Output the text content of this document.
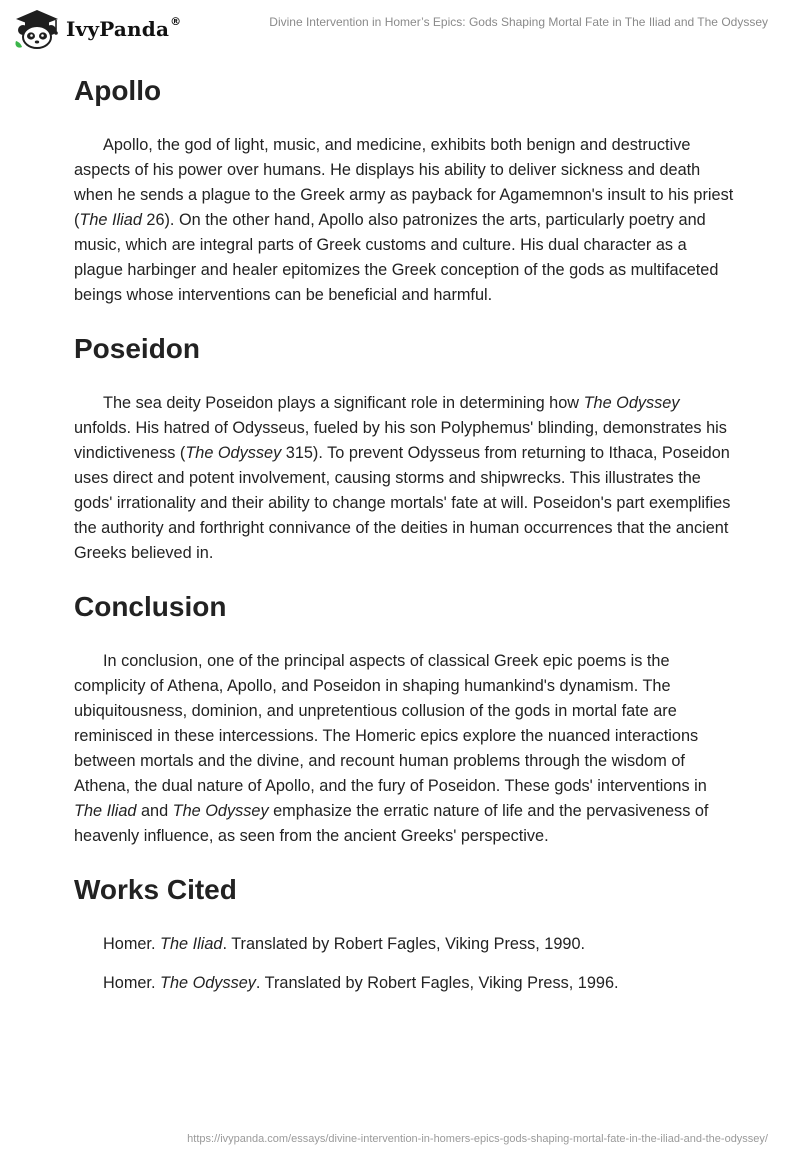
IvyPanda®	Divine Intervention in Homer’s Epics: Gods Shaping Mortal Fate in The Iliad and The Odyssey
Apollo

Apollo, the god of light, music, and medicine, exhibits both benign and destructive aspects of his power over humans. He displays his ability to deliver sickness and death when he sends a plague to the Greek army as payback for Agamemnon's insult to his priest (The Iliad 26). On the other hand, Apollo also patronizes the arts, particularly poetry and music, which are integral parts of Greek customs and culture. His dual character as a plague harbinger and healer epitomizes the Greek conception of the gods as multifaceted beings whose interventions can be beneficial and harmful.

Poseidon

The sea deity Poseidon plays a significant role in determining how The Odyssey unfolds. His hatred of Odysseus, fueled by his son Polyphemus' blinding, demonstrates his vindictiveness (The Odyssey 315). To prevent Odysseus from returning to Ithaca, Poseidon uses direct and potent involvement, causing storms and shipwrecks. This illustrates the gods' irrationality and their ability to change mortals' fate at will. Poseidon's part exemplifies the authority and forthright connivance of the deities in human occurrences that the ancient Greeks believed in.

Conclusion

In conclusion, one of the principal aspects of classical Greek epic poems is the complicity of Athena, Apollo, and Poseidon in shaping humankind's dynamism. The ubiquitousness, dominion, and unpretentious collusion of the gods in mortal fate are reminisced in these intercessions. The Homeric epics explore the nuanced interactions between mortals and the divine, and recount human problems through the wisdom of Athena, the dual nature of Apollo, and the fury of Poseidon. These gods' interventions in The Iliad and The Odyssey emphasize the erratic nature of life and the pervasiveness of heavenly influence, as seen from the ancient Greeks' perspective.

Works Cited

Homer. The Iliad. Translated by Robert Fagles, Viking Press, 1990.

Homer. The Odyssey. Translated by Robert Fagles, Viking Press, 1996.

https://ivypanda.com/essays/divine-intervention-in-homers-epics-gods-shaping-mortal-fate-in-the-iliad-and-the-odyssey/
